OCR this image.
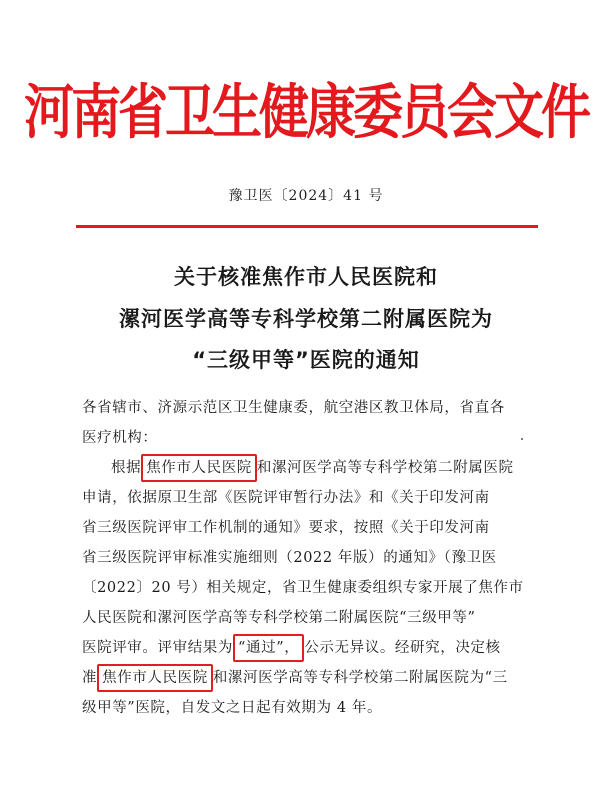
河南省卫生健康委员会文件
豫卫医〔2024〕41 号
关于核准焦作市人民医院和
漯河医学高等专科学校第二附属医院为
“三级甲等”医院的通知
各省辖市、济源示范区卫生健康委，航空港区教卫体局，省直各
医疗机构：
根据 焦作市人民医院 和漯河医学高等专科学校第二附属医院
申请，依据原卫生部《医院评审暂行办法》和《关于印发河南
省三级医院评审工作机制的通知》要求，按照《关于印发河南
省三级医院评审标准实施细则（2022 年版）的通知》（豫卫医
〔2022〕20 号）相关规定，省卫生健康委组织专家开展了焦作市
人民医院和漯河医学高等专科学校第二附属医院“三级甲等”
医院评审。评审结果为 “通过”， 公示无异议。经研究，决定核
准 焦作市人民医院 和漯河医学高等专科学校第二附属医院为“三
级甲等”医院，自发文之日起有效期为 4 年。
